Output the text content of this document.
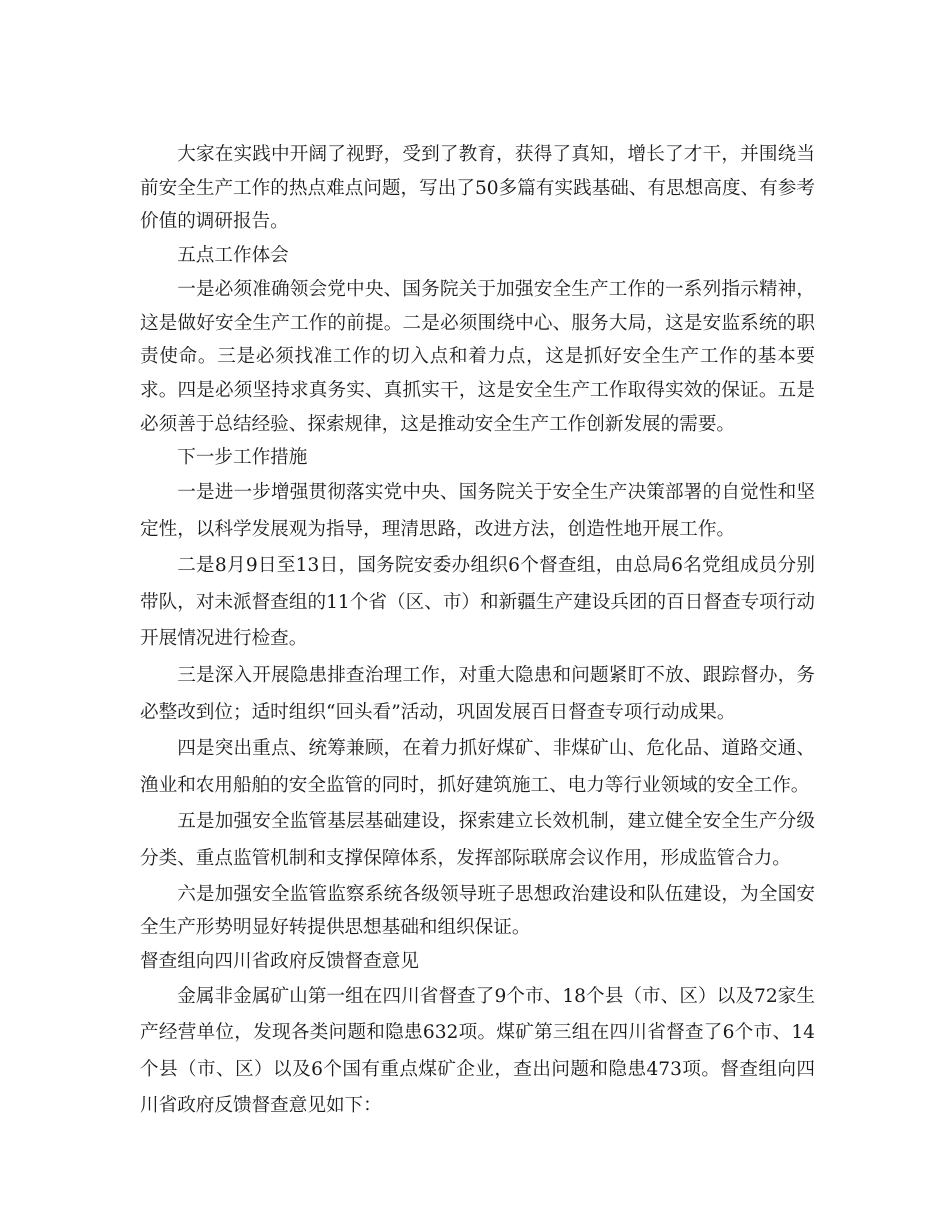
大家在实践中开阔了视野，受到了教育，获得了真知，增长了才干，并围绕当前安全生产工作的热点难点问题，写出了50多篇有实践基础、有思想高度、有参考价值的调研报告。

五点工作体会

一是必须准确领会党中央、国务院关于加强安全生产工作的一系列指示精神，这是做好安全生产工作的前提。二是必须围绕中心、服务大局，这是安监系统的职责使命。三是必须找准工作的切入点和着力点，这是抓好安全生产工作的基本要求。四是必须坚持求真务实、真抓实干，这是安全生产工作取得实效的保证。五是必须善于总结经验、探索规律，这是推动安全生产工作创新发展的需要。

下一步工作措施

一是进一步增强贯彻落实党中央、国务院关于安全生产决策部署的自觉性和坚定性，以科学发展观为指导，理清思路，改进方法，创造性地开展工作。

二是8月9日至13日，国务院安委办组织6个督查组，由总局6名党组成员分别带队，对未派督查组的11个省（区、市）和新疆生产建设兵团的百日督查专项行动开展情况进行检查。

三是深入开展隐患排查治理工作，对重大隐患和问题紧盯不放、跟踪督办，务必整改到位；适时组织“回头看”活动，巩固发展百日督查专项行动成果。

四是突出重点、统筹兼顾，在着力抓好煤矿、非煤矿山、危化品、道路交通、渔业和农用船舶的安全监管的同时，抓好建筑施工、电力等行业领域的安全工作。

五是加强安全监管基层基础建设，探索建立长效机制，建立健全安全生产分级分类、重点监管机制和支撑保障体系，发挥部际联席会议作用，形成监管合力。

六是加强安全监管监察系统各级领导班子思想政治建设和队伍建设，为全国安全生产形势明显好转提供思想基础和组织保证。

督查组向四川省政府反馈督查意见

金属非金属矿山第一组在四川省督查了9个市、18个县（市、区）以及72家生产经营单位，发现各类问题和隐患632项。煤矿第三组在四川省督查了6个市、14个县（市、区）以及6个国有重点煤矿企业，查出问题和隐患473项。督查组向四川省政府反馈督查意见如下：
